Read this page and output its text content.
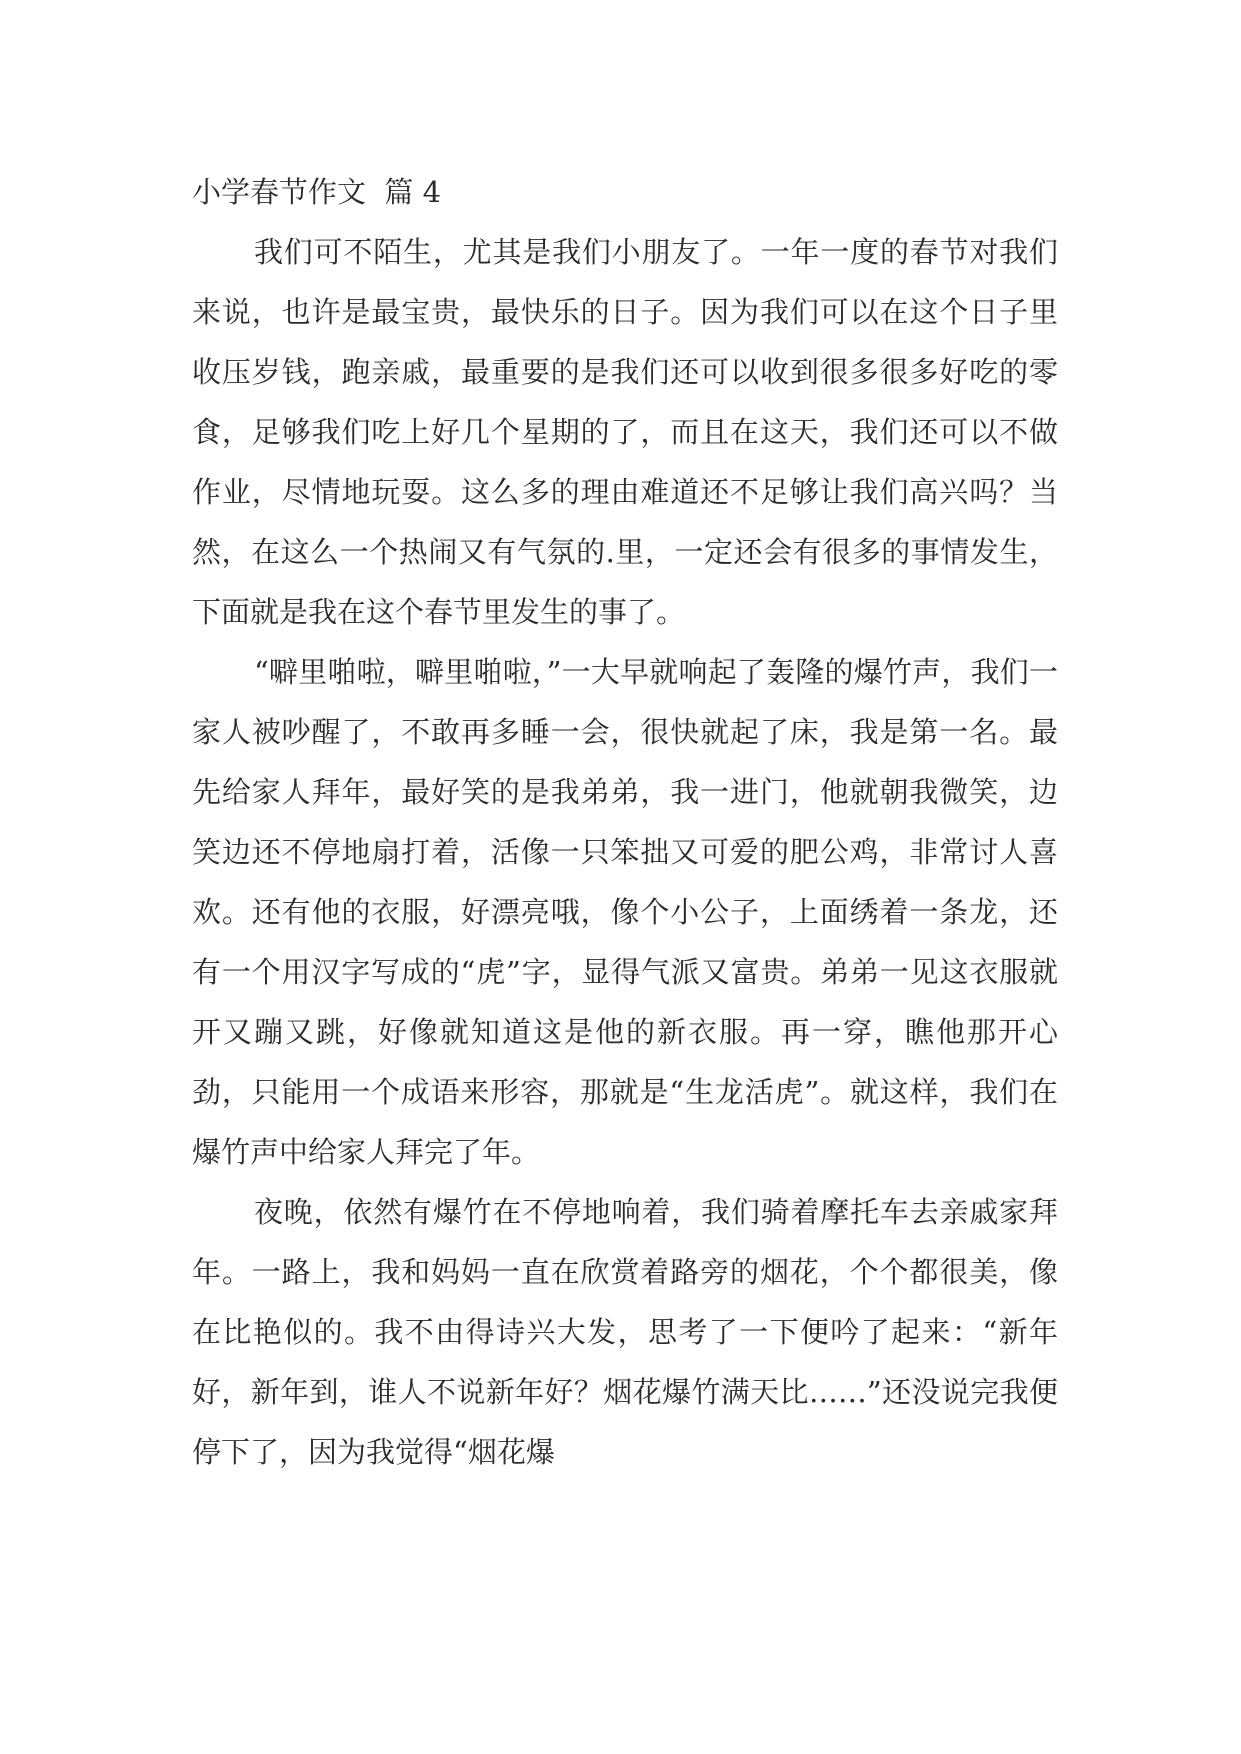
小学春节作文  篇 4

我们可不陌生，尤其是我们小朋友了。一年一度的春节对我们来说，也许是最宝贵，最快乐的日子。因为我们可以在这个日子里收压岁钱，跑亲戚，最重要的是我们还可以收到很多很多好吃的零食，足够我们吃上好几个星期的了，而且在这天，我们还可以不做作业，尽情地玩耍。这么多的理由难道还不足够让我们高兴吗？当然，在这么一个热闹又有气氛的.里，一定还会有很多的事情发生，下面就是我在这个春节里发生的事了。

“噼里啪啦，噼里啪啦，”一大早就响起了轰隆的爆竹声，我们一家人被吵醒了，不敢再多睡一会，很快就起了床，我是第一名。最先给家人拜年，最好笑的是我弟弟，我一进门，他就朝我微笑，边笑边还不停地扇打着，活像一只笨拙又可爱的肥公鸡，非常讨人喜欢。还有他的衣服，好漂亮哦，像个小公子，上面绣着一条龙，还有一个用汉字写成的“虎”字，显得气派又富贵。弟弟一见这衣服就开又蹦又跳，好像就知道这是他的新衣服。再一穿，瞧他那开心劲，只能用一个成语来形容，那就是“生龙活虎”。就这样，我们在爆竹声中给家人拜完了年。

夜晚，依然有爆竹在不停地响着，我们骑着摩托车去亲戚家拜年。一路上，我和妈妈一直在欣赏着路旁的烟花，个个都很美，像在比艳似的。我不由得诗兴大发，思考了一下便吟了起来：“新年好，新年到，谁人不说新年好？烟花爆竹满天比……”还没说完我便停下了，因为我觉得“烟花爆
